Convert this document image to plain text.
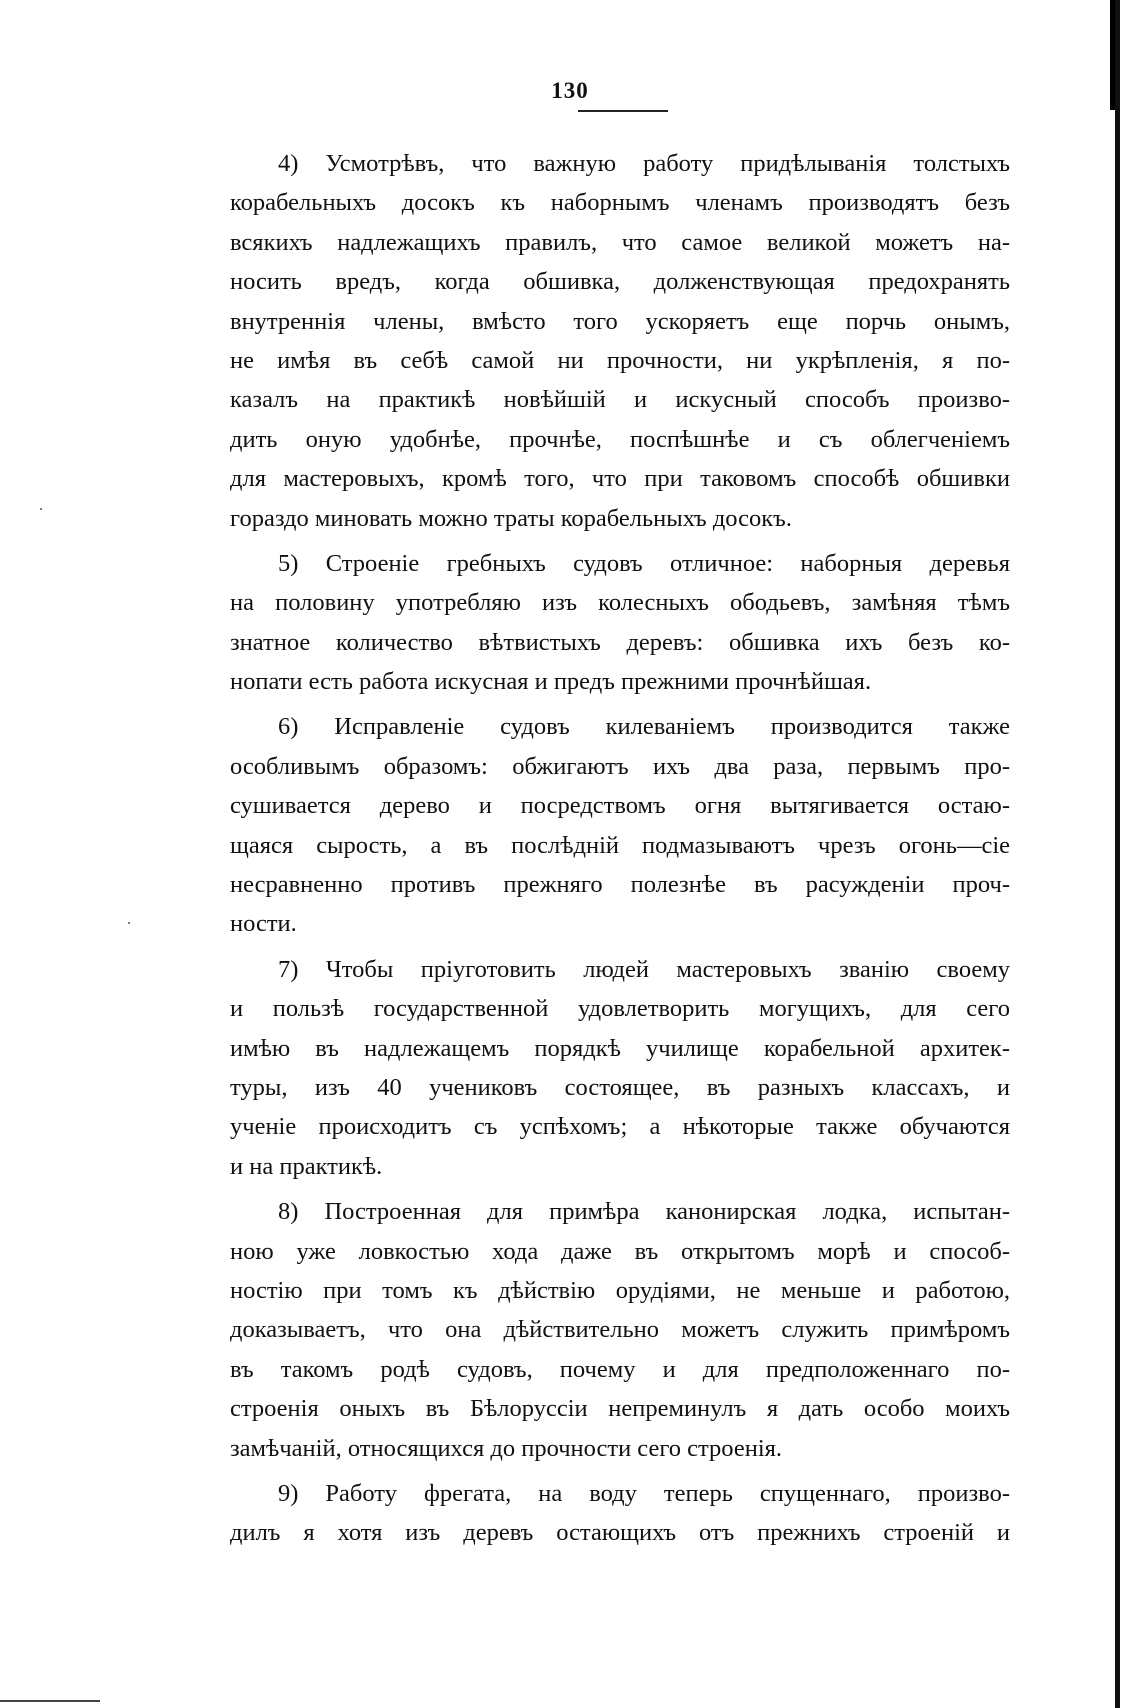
130
4) Усмотрѣвъ, что важную работу придѣлыванія толстыхъ
корабельныхъ досокъ къ наборнымъ членамъ производятъ безъ
всякихъ надлежащихъ правилъ, что самое великой можетъ на-
носить вредъ, когда обшивка, долженствующая предохранять
внутреннія члены, вмѣсто того ускоряетъ еще порчь онымъ,
не имѣя въ себѣ самой ни прочности, ни укрѣпленія, я по-
казалъ на практикѣ новѣйшій и искусный способъ произво-
дить оную удобнѣе, прочнѣе, поспѣшнѣе и съ облегченіемъ
для мастеровыхъ, кромѣ того, что при таковомъ способѣ обшивки
гораздо миновать можно траты корабельныхъ досокъ.
5) Строеніе гребныхъ судовъ отличное: наборныя деревья
на половину употребляю изъ колесныхъ ободьевъ, замѣняя тѣмъ
знатное количество вѣтвистыхъ деревъ: обшивка ихъ безъ ко-
нопати есть работа искусная и предъ прежними прочнѣйшая.
6) Исправленіе судовъ килеваніемъ производится также
особливымъ образомъ: обжигаютъ ихъ два раза, первымъ про-
сушивается дерево и посредствомъ огня вытягивается остаю-
щаяся сырость, а въ послѣдній подмазываютъ чрезъ огонь—сіе
несравненно противъ прежняго полезнѣе въ расужденіи проч-
ности.
7) Чтобы пріуготовить людей мастеровыхъ званію своему
и пользѣ государственной удовлетворить могущихъ, для сего
имѣю въ надлежащемъ порядкѣ училище корабельной архитек-
туры, изъ 40 учениковъ состоящее, въ разныхъ классахъ, и
ученіе происходитъ съ успѣхомъ; а нѣкоторые также обучаются
и на практикѣ.
8) Построенная для примѣра канонирская лодка, испытан-
ною уже ловкостью хода даже въ открытомъ морѣ и способ-
ностію при томъ къ дѣйствію орудіями, не меньше и работою,
доказываетъ, что она дѣйствительно можетъ служить примѣромъ
въ такомъ родѣ судовъ, почему и для предположеннаго по-
строенія оныхъ въ Бѣлоруссіи непреминулъ я дать особо моихъ
замѣчаній, относящихся до прочности сего строенія.
9) Работу фрегата, на воду теперь спущеннаго, произво-
дилъ я хотя изъ деревъ остающихъ отъ прежнихъ строеній и
